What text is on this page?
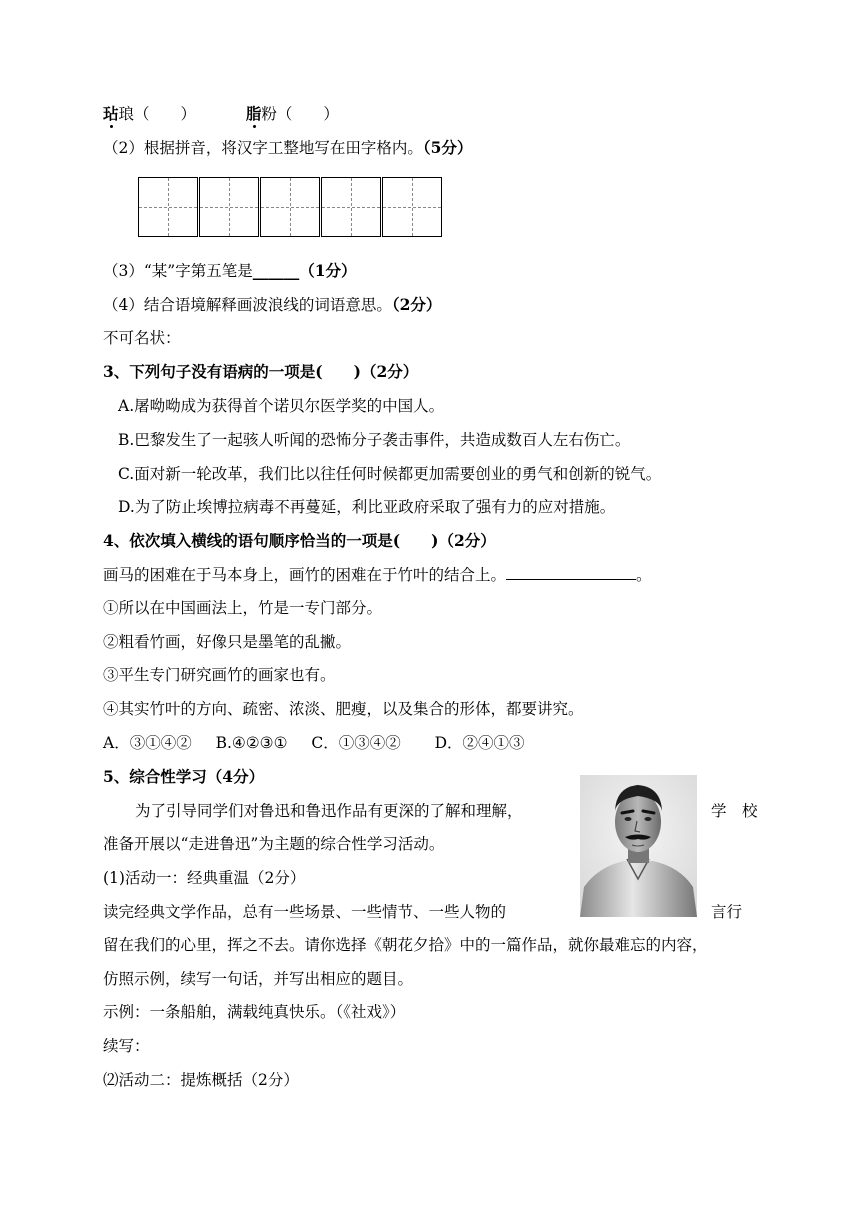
玷琅（　　）	脂粉（　　）
（2）根据拼音，将汉字工整地写在田字格内。（5分）
（3）“某”字第五笔是______（1分）
（4）结合语境解释画波浪线的词语意思。（2分）
不可名状：
3、下列句子没有语病的一项是(　　)（2分）
A.屠呦呦成为获得首个诺贝尔医学奖的中国人。
B.巴黎发生了一起骇人听闻的恐怖分子袭击事件，共造成数百人左右伤亡。
C.面对新一轮改革，我们比以往任何时候都更加需要创业的勇气和创新的锐气。
D.为了防止埃博拉病毒不再蔓延，利比亚政府采取了强有力的应对措施。
4、依次填入横线的语句顺序恰当的一项是(　　)（2分）
画马的困难在于马本身上，画竹的困难在于竹叶的结合上。	。
①所以在中国画法上，竹是一专门部分。
②粗看竹画，好像只是墨笔的乱撇。
③平生专门研究画竹的画家也有。
④其实竹叶的方向、疏密、浓淡、肥瘦，以及集合的形体，都要讲究。
A．③①④② B.④②③① C．①③④② D．②④①③
5、综合性学习（4分）
为了引导同学们对鲁迅和鲁迅作品有更深的了解和理解，	学　校
准备开展以“走进鲁迅”为主题的综合性学习活动。
(1)活动一：经典重温（2分）
读完经典文学作品，总有一些场景、一些情节、一些人物的	言行
留在我们的心里，挥之不去。请你选择《朝花夕拾》中的一篇作品，就你最难忘的内容，
仿照示例，续写一句话，并写出相应的题目。
示例：一条船舶，满载纯真快乐。（《社戏》）
续写：
⑵活动二：提炼概括（2分）
